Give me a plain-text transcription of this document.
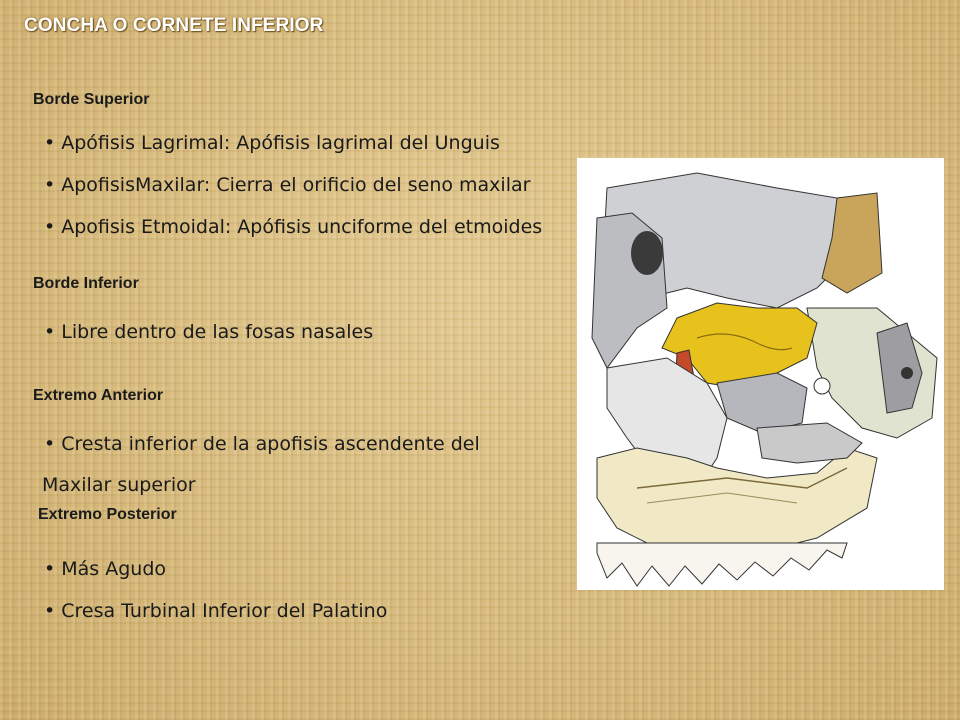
CONCHA O CORNETE INFERIOR
Borde Superior
• Apófisis Lagrimal: Apófisis lagrimal del Unguis
• ApofisisMaxilar: Cierra el orificio del seno maxilar
• Apofisis Etmoidal: Apófisis unciforme del etmoides
Borde Inferior
• Libre dentro de las fosas nasales
Extremo Anterior
• Cresta inferior de la apofisis ascendente del
Maxilar superior
Extremo Posterior
• Más Agudo
• Cresa Turbinal Inferior del Palatino
